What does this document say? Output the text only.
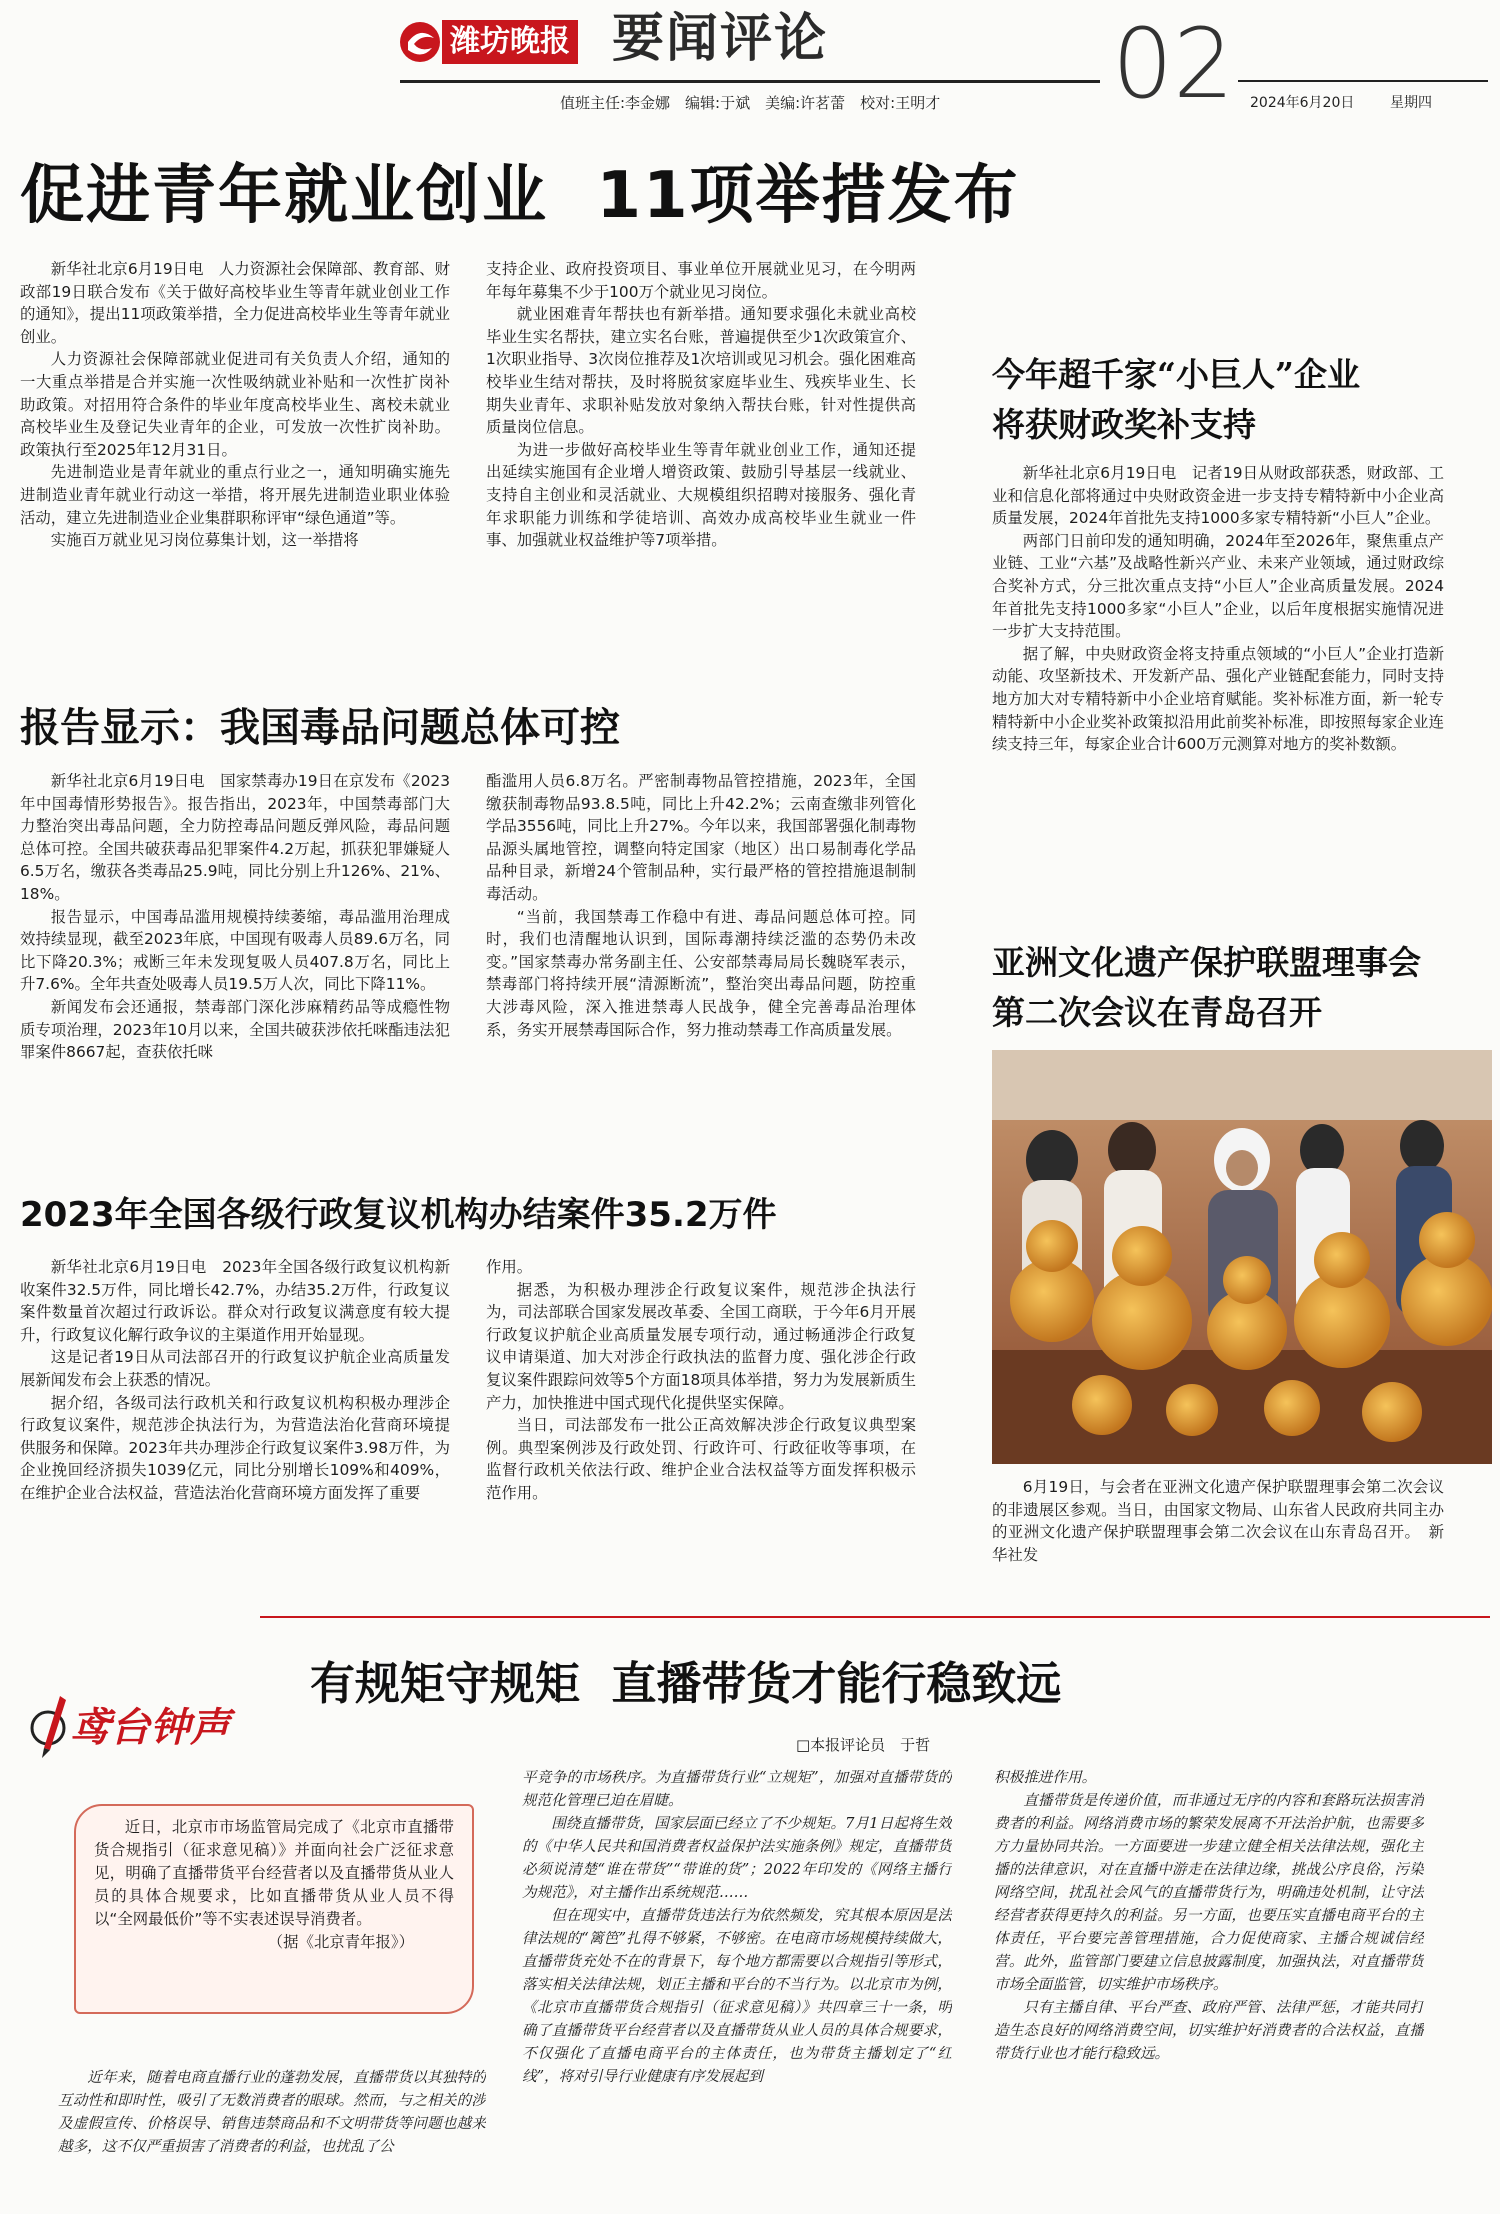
潍坊晚报 要闻评论
值班主任:李金娜　编辑:于斌　美编:许茗蕾　校对:王明才 02 2024年6月20日	星期四
促进青年就业创业  11项举措发布

新华社北京6月19日电　人力资源社会保障部、教育部、财政部19日联合发布《关于做好高校毕业生等青年就业创业工作的通知》，提出11项政策举措，全力促进高校毕业生等青年就业创业。

人力资源社会保障部就业促进司有关负责人介绍，通知的一大重点举措是合并实施一次性吸纳就业补贴和一次性扩岗补助政策。对招用符合条件的毕业年度高校毕业生、离校未就业高校毕业生及登记失业青年的企业，可发放一次性扩岗补助。政策执行至2025年12月31日。

先进制造业是青年就业的重点行业之一，通知明确实施先进制造业青年就业行动这一举措，将开展先进制造业职业体验活动，建立先进制造业企业集群职称评审“绿色通道”等。

实施百万就业见习岗位募集计划，这一举措将

支持企业、政府投资项目、事业单位开展就业见习，在今明两年每年募集不少于100万个就业见习岗位。

就业困难青年帮扶也有新举措。通知要求强化未就业高校毕业生实名帮扶，建立实名台账，普遍提供至少1次政策宣介、1次职业指导、3次岗位推荐及1次培训或见习机会。强化困难高校毕业生结对帮扶，及时将脱贫家庭毕业生、残疾毕业生、长期失业青年、求职补贴发放对象纳入帮扶台账，针对性提供高质量岗位信息。

为进一步做好高校毕业生等青年就业创业工作，通知还提出延续实施国有企业增人增资政策、鼓励引导基层一线就业、支持自主创业和灵活就业、大规模组织招聘对接服务、强化青年求职能力训练和学徒培训、高效办成高校毕业生就业一件事、加强就业权益维护等7项举措。

报告显示：我国毒品问题总体可控

新华社北京6月19日电　国家禁毒办19日在京发布《2023年中国毒情形势报告》。报告指出，2023年，中国禁毒部门大力整治突出毒品问题，全力防控毒品问题反弹风险，毒品问题总体可控。全国共破获毒品犯罪案件4.2万起，抓获犯罪嫌疑人6.5万名，缴获各类毒品25.9吨，同比分别上升126%、21%、18%。

报告显示，中国毒品滥用规模持续萎缩，毒品滥用治理成效持续显现，截至2023年底，中国现有吸毒人员89.6万名，同比下降20.3%；戒断三年未发现复吸人员407.8万名，同比上升7.6%。全年共查处吸毒人员19.5万人次，同比下降11%。

新闻发布会还通报，禁毒部门深化涉麻精药品等成瘾性物质专项治理，2023年10月以来，全国共破获涉依托咪酯违法犯罪案件8667起，查获依托咪

酯滥用人员6.8万名。严密制毒物品管控措施，2023年，全国缴获制毒物品93.8.5吨，同比上升42.2%；云南查缴非列管化学品3556吨，同比上升27%。今年以来，我国部署强化制毒物品源头属地管控，调整向特定国家（地区）出口易制毒化学品品种目录，新增24个管制品种，实行最严格的管控措施退制制毒活动。

“当前，我国禁毒工作稳中有进、毒品问题总体可控。同时，我们也清醒地认识到，国际毒潮持续泛滥的态势仍未改变。”国家禁毒办常务副主任、公安部禁毒局局长魏晓军表示，禁毒部门将持续开展“清源断流”，整治突出毒品问题，防控重大涉毒风险，深入推进禁毒人民战争，健全完善毒品治理体系，务实开展禁毒国际合作，努力推动禁毒工作高质量发展。

2023年全国各级行政复议机构办结案件35.2万件

新华社北京6月19日电　2023年全国各级行政复议机构新收案件32.5万件，同比增长42.7%，办结35.2万件，行政复议案件数量首次超过行政诉讼。群众对行政复议满意度有较大提升，行政复议化解行政争议的主渠道作用开始显现。

这是记者19日从司法部召开的行政复议护航企业高质量发展新闻发布会上获悉的情况。

据介绍，各级司法行政机关和行政复议机构积极办理涉企行政复议案件，规范涉企执法行为，为营造法治化营商环境提供服务和保障。2023年共办理涉企行政复议案件3.98万件，为企业挽回经济损失1039亿元，同比分别增长109%和409%，在维护企业合法权益，营造法治化营商环境方面发挥了重要

作用。

据悉，为积极办理涉企行政复议案件，规范涉企执法行为，司法部联合国家发展改革委、全国工商联，于今年6月开展行政复议护航企业高质量发展专项行动，通过畅通涉企行政复议申请渠道、加大对涉企行政执法的监督力度、强化涉企行政复议案件跟踪问效等5个方面18项具体举措，努力为发展新质生产力，加快推进中国式现代化提供坚实保障。

当日，司法部发布一批公正高效解决涉企行政复议典型案例。典型案例涉及行政处罚、行政许可、行政征收等事项，在监督行政机关依法行政、维护企业合法权益等方面发挥积极示范作用。

今年超千家“小巨人”企业
将获财政奖补支持

新华社北京6月19日电　记者19日从财政部获悉，财政部、工业和信息化部将通过中央财政资金进一步支持专精特新中小企业高质量发展，2024年首批先支持1000多家专精特新“小巨人”企业。

两部门日前印发的通知明确，2024年至2026年，聚焦重点产业链、工业“六基”及战略性新兴产业、未来产业领域，通过财政综合奖补方式，分三批次重点支持“小巨人”企业高质量发展。2024年首批先支持1000多家“小巨人”企业，以后年度根据实施情况进一步扩大支持范围。

据了解，中央财政资金将支持重点领域的“小巨人”企业打造新动能、攻坚新技术、开发新产品、强化产业链配套能力，同时支持地方加大对专精特新中小企业培育赋能。奖补标准方面，新一轮专精特新中小企业奖补政策拟沿用此前奖补标准，即按照每家企业连续支持三年，每家企业合计600万元测算对地方的奖补数额。

亚洲文化遗产保护联盟理事会
第二次会议在青岛召开
6月19日，与会者在亚洲文化遗产保护联盟理事会第二次会议的非遗展区参观。当日，由国家文物局、山东省人民政府共同主办的亚洲文化遗产保护联盟理事会第二次会议在山东青岛召开。　新华社发
鸢台钟声
有规矩守规矩  直播带货才能行稳致远
□本报评论员　于哲
近日，北京市市场监管局完成了《北京市直播带货合规指引（征求意见稿）》并面向社会广泛征求意见，明确了直播带货平台经营者以及直播带货从业人员的具体合规要求，比如直播带货从业人员不得以“全网最低价”等不实表述误导消费者。
（据《北京青年报》）

近年来，随着电商直播行业的蓬勃发展，直播带货以其独特的互动性和即时性，吸引了无数消费者的眼球。然而，与之相关的涉及虚假宣传、价格误导、销售违禁商品和不文明带货等问题也越来越多，这不仅严重损害了消费者的利益，也扰乱了公

平竞争的市场秩序。为直播带货行业“立规矩”，加强对直播带货的规范化管理已迫在眉睫。

围绕直播带货，国家层面已经立了不少规矩。7月1日起将生效的《中华人民共和国消费者权益保护法实施条例》规定，直播带货必须说清楚“谁在带货”“带谁的货”；2022年印发的《网络主播行为规范》，对主播作出系统规范……

但在现实中，直播带货违法行为依然频发，究其根本原因是法律法规的“篱笆”扎得不够紧，不够密。在电商市场规模持续做大，直播带货充处不在的背景下，每个地方都需要以合规指引等形式，落实相关法律法规，划正主播和平台的不当行为。以北京市为例，《北京市直播带货合规指引（征求意见稿）》共四章三十一条，明确了直播带货平台经营者以及直播带货从业人员的具体合规要求，不仅强化了直播电商平台的主体责任，也为带货主播划定了“红线”，将对引导行业健康有序发展起到

积极推进作用。

直播带货是传递价值，而非通过无序的内容和套路玩法损害消费者的利益。网络消费市场的繁荣发展离不开法治护航，也需要多方力量协同共治。一方面要进一步建立健全相关法律法规，强化主播的法律意识，对在直播中游走在法律边缘，挑战公序良俗，污染网络空间，扰乱社会风气的直播带货行为，明确违处机制，让守法经营者获得更持久的利益。另一方面，也要压实直播电商平台的主体责任，平台要完善管理措施，合力促使商家、主播合规诚信经营。此外，监管部门要建立信息披露制度，加强执法，对直播带货市场全面监管，切实维护市场秩序。

只有主播自律、平台严查、政府严管、法律严惩，才能共同打造生态良好的网络消费空间，切实维护好消费者的合法权益，直播带货行业也才能行稳致远。
